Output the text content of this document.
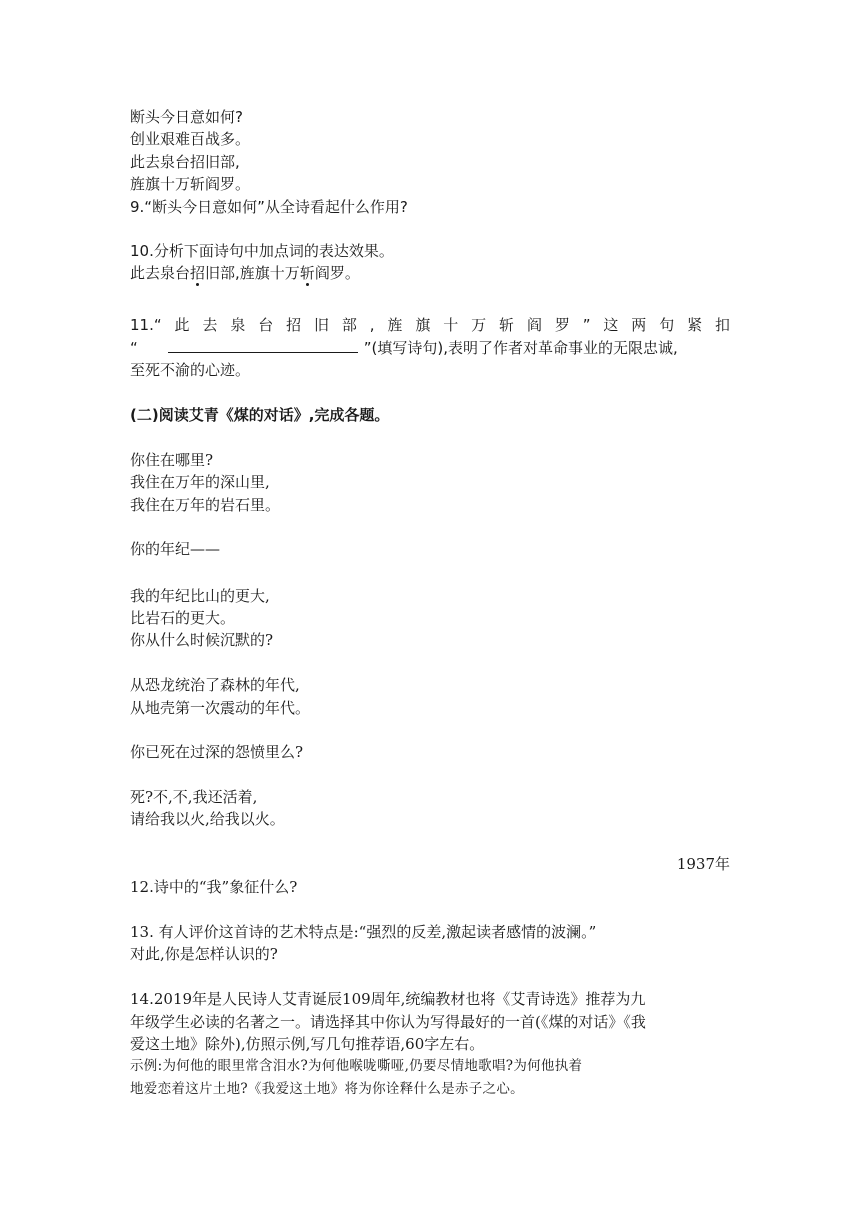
断头今日意如何?
创业艰难百战多。
此去泉台招旧部,
旌旗十万斩阎罗。
9.“断头今日意如何”从全诗看起什么作用?
10.分析下面诗句中加点词的表达效果。
此去泉台招旧部,旌旗十万斩阎罗。
11.“此去泉台招旧部,旌旗十万斩阎罗”这两句紧扣
“	”(填写诗句),表明了作者对革命事业的无限忠诚,
至死不渝的心迹。
(二)阅读艾青《煤的对话》,完成各题。
你住在哪里?
我住在万年的深山里,
我住在万年的岩石里。
你的年纪——
我的年纪比山的更大,
比岩石的更大。
你从什么时候沉默的?
从恐龙统治了森林的年代,
从地壳第一次震动的年代。
你已死在过深的怨愤里么?
死?不,不,我还活着,
请给我以火,给我以火。
1937年
12.诗中的“我”象征什么?
13. 有人评价这首诗的艺术特点是:“强烈的反差,激起读者感情的波澜。”
对此,你是怎样认识的?
14.2019年是人民诗人艾青诞辰109周年,统编教材也将《艾青诗选》推荐为九
年级学生必读的名著之一。请选择其中你认为写得最好的一首(《煤的对话》《我
爱这土地》除外),仿照示例,写几句推荐语,60字左右。
示例:为何他的眼里常含泪水?为何他喉咙嘶哑,仍要尽情地歌唱?为何他执着
地爱恋着这片土地?《我爱这土地》将为你诠释什么是赤子之心。
